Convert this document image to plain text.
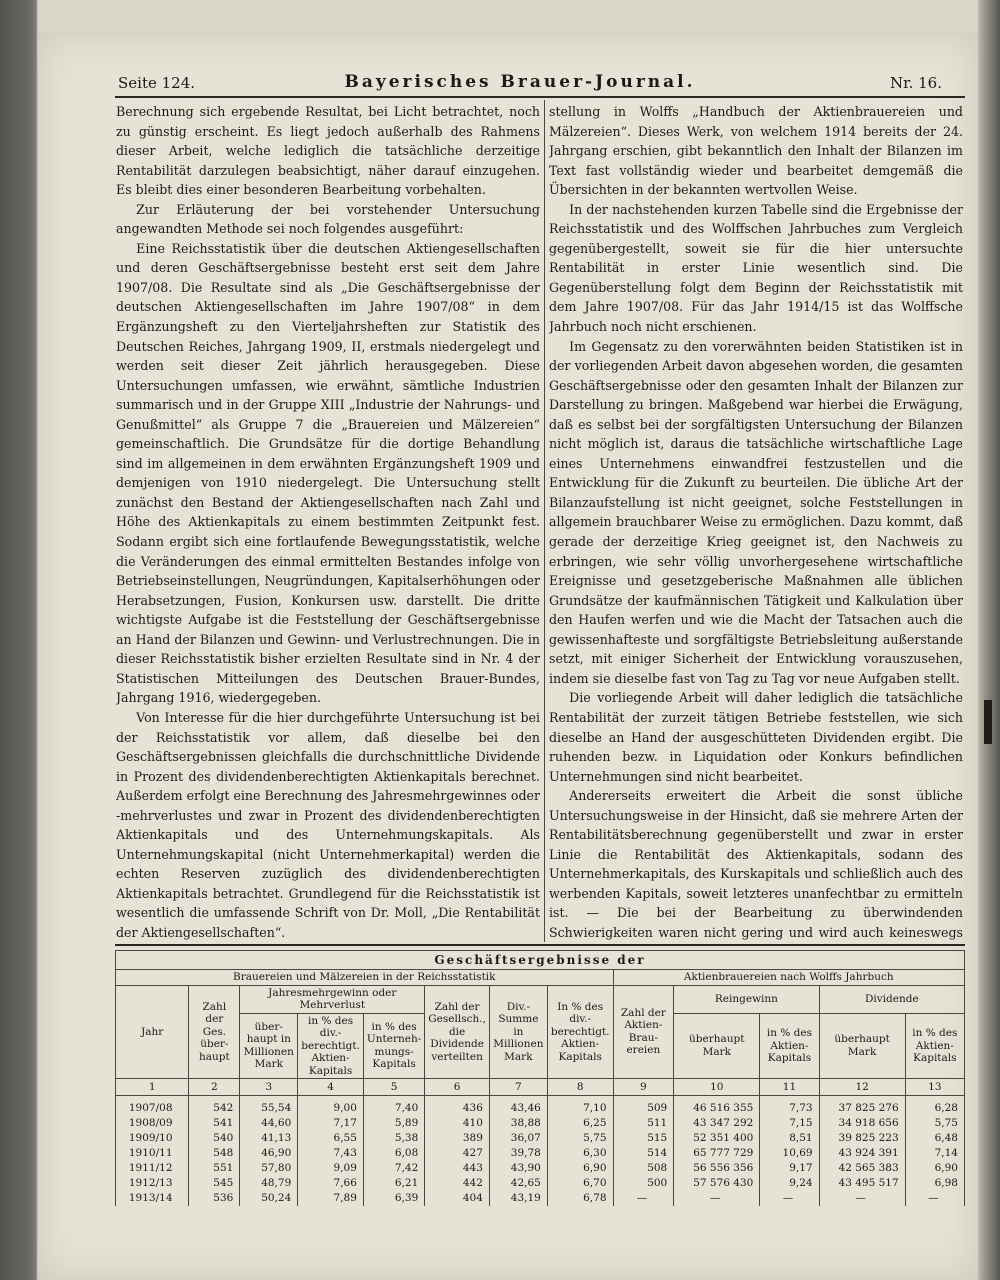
Seite 124.	Bayerisches Brauer-Journal.	Nr. 16.

Berechnung sich ergebende Resultat, bei Licht betrachtet, noch zu günstig erscheint. Es liegt jedoch außerhalb des Rahmens dieser Arbeit, welche lediglich die tatsächliche derzeitige Rentabilität darzulegen beabsichtigt, näher darauf einzugehen. Es bleibt dies einer besonderen Bearbeitung vorbehalten.

Zur Erläuterung der bei vorstehender Untersuchung angewandten Methode sei noch folgendes ausgeführt:

Eine Reichsstatistik über die deutschen Aktiengesellschaften und deren Geschäftsergebnisse besteht erst seit dem Jahre 1907/08. Die Resultate sind als „Die Geschäftsergebnisse der deutschen Aktiengesellschaften im Jahre 1907/08“ in dem Ergänzungsheft zu den Vierteljahrsheften zur Statistik des Deutschen Reiches, Jahrgang 1909, II, erstmals niedergelegt und werden seit dieser Zeit jährlich herausgegeben. Diese Untersuchungen umfassen, wie erwähnt, sämtliche Industrien summarisch und in der Gruppe XIII „Industrie der Nahrungs- und Genußmittel“ als Gruppe 7 die „Brauereien und Mälzereien“ gemeinschaftlich. Die Grundsätze für die dortige Behandlung sind im allgemeinen in dem erwähnten Ergänzungsheft 1909 und demjenigen von 1910 niedergelegt. Die Untersuchung stellt zunächst den Bestand der Aktiengesellschaften nach Zahl und Höhe des Aktienkapitals zu einem bestimmten Zeitpunkt fest. Sodann ergibt sich eine fortlaufende Bewegungsstatistik, welche die Veränderungen des einmal ermittelten Bestandes infolge von Betriebseinstellungen, Neugründungen, Kapitalserhöhungen oder Herabsetzungen, Fusion, Konkursen usw. darstellt. Die dritte wichtigste Aufgabe ist die Feststellung der Geschäftsergebnisse an Hand der Bilanzen und Gewinn- und Verlustrechnungen. Die in dieser Reichsstatistik bisher erzielten Resultate sind in Nr. 4 der Statistischen Mitteilungen des Deutschen Brauer-Bundes, Jahrgang 1916, wiedergegeben.

Von Interesse für die hier durchgeführte Untersuchung ist bei der Reichsstatistik vor allem, daß dieselbe bei den Geschäftsergebnissen gleichfalls die durchschnittliche Dividende in Prozent des dividendenberechtigten Aktienkapitals berechnet. Außerdem erfolgt eine Berechnung des Jahresmehrgewinnes oder -mehrverlustes und zwar in Prozent des dividendenberechtigten Aktienkapitals und des Unternehmungskapitals. Als Unternehmungskapital (nicht Unternehmerkapital) werden die echten Reserven zuzüglich des dividendenberechtigten Aktienkapitals betrachtet. Grundlegend für die Reichsstatistik ist wesentlich die umfassende Schrift von Dr. Moll, „Die Rentabilität der Aktiengesellschaften“.

stellung in Wolffs „Handbuch der Aktienbrauereien und Mälzereien“. Dieses Werk, von welchem 1914 bereits der 24. Jahrgang erschien, gibt bekanntlich den Inhalt der Bilanzen im Text fast vollständig wieder und bearbeitet demgemäß die Übersichten in der bekannten wertvollen Weise.

In der nachstehenden kurzen Tabelle sind die Ergebnisse der Reichsstatistik und des Wolffschen Jahrbuches zum Vergleich gegenübergestellt, soweit sie für die hier untersuchte Rentabilität in erster Linie wesentlich sind. Die Gegenüberstellung folgt dem Beginn der Reichsstatistik mit dem Jahre 1907/08. Für das Jahr 1914/15 ist das Wolffsche Jahrbuch noch nicht erschienen.

Im Gegensatz zu den vorerwähnten beiden Statistiken ist in der vorliegenden Arbeit davon abgesehen worden, die gesamten Geschäftsergebnisse oder den gesamten Inhalt der Bilanzen zur Darstellung zu bringen. Maßgebend war hierbei die Erwägung, daß es selbst bei der sorgfältigsten Untersuchung der Bilanzen nicht möglich ist, daraus die tatsächliche wirtschaftliche Lage eines Unternehmens einwandfrei festzustellen und die Entwicklung für die Zukunft zu beurteilen. Die übliche Art der Bilanzaufstellung ist nicht geeignet, solche Feststellungen in allgemein brauchbarer Weise zu ermöglichen. Dazu kommt, daß gerade der derzeitige Krieg geeignet ist, den Nachweis zu erbringen, wie sehr völlig unvorhergesehene wirtschaftliche Ereignisse und gesetzgeberische Maßnahmen alle üblichen Grundsätze der kaufmännischen Tätigkeit und Kalkulation über den Haufen werfen und wie die Macht der Tatsachen auch die gewissenhafteste und sorgfältigste Betriebsleitung außerstande setzt, mit einiger Sicherheit der Entwicklung vorauszusehen, indem sie dieselbe fast von Tag zu Tag vor neue Aufgaben stellt.

Die vorliegende Arbeit will daher lediglich die tatsächliche Rentabilität der zurzeit tätigen Betriebe feststellen, wie sich dieselbe an Hand der ausgeschütteten Dividenden ergibt. Die ruhenden bezw. in Liquidation oder Konkurs befindlichen Unternehmungen sind nicht bearbeitet.

Andererseits erweitert die Arbeit die sonst übliche Untersuchungsweise in der Hinsicht, daß sie mehrere Arten der Rentabilitätsberechnung gegenüberstellt und zwar in erster Linie die Rentabilität des Aktienkapitals, sodann des Unternehmerkapitals, des Kurskapitals und schließlich auch des werbenden Kapitals, soweit letzteres unanfechtbar zu ermitteln ist. — Die bei der Bearbeitung zu überwindenden Schwierigkeiten waren nicht gering und wird auch keineswegs

Geschäftsergebnisse der												
Brauereien und Mälzereien in der Reichsstatistik								Aktienbrauereien nach Wolffs Jahrbuch				
Jahr	Zahl der Ges. über-haupt	Jahresmehrgewinn oder Mehrverlust			Zahl der Gesellsch., die Dividende verteilten	Div.-Summe in Millionen Mark	In % des div.-berechtigt. Aktien-Kapitals	Zahl der Aktien-Brau-ereien	Reingewinn		Dividende	
		über-haupt in Millionen Mark	in % des div.-berechtigt. Aktien-Kapitals	in % des Unterneh-mungs-Kapitals					überhaupt Mark	in % des Aktien-Kapitals	überhaupt Mark	in % des Aktien-Kapitals
1	2	3	4	5	6	7	8	9	10	11	12	13
1907/08	542	55,54	9,00	7,40	436	43,46	7,10	509	46 516 355	7,73	37 825 276	6,28
1908/09	541	44,60	7,17	5,89	410	38,88	6,25	511	43 347 292	7,15	34 918 656	5,75
1909/10	540	41,13	6,55	5,38	389	36,07	5,75	515	52 351 400	8,51	39 825 223	6,48
1910/11	548	46,90	7,43	6,08	427	39,78	6,30	514	65 777 729	10,69	43 924 391	7,14
1911/12	551	57,80	9,09	7,42	443	43,90	6,90	508	56 556 356	9,17	42 565 383	6,90
1912/13	545	48,79	7,66	6,21	442	42,65	6,70	500	57 576 430	9,24	43 495 517	6,98
1913/14	536	50,24	7,89	6,39	404	43,19	6,78	—	—	—	—	—
